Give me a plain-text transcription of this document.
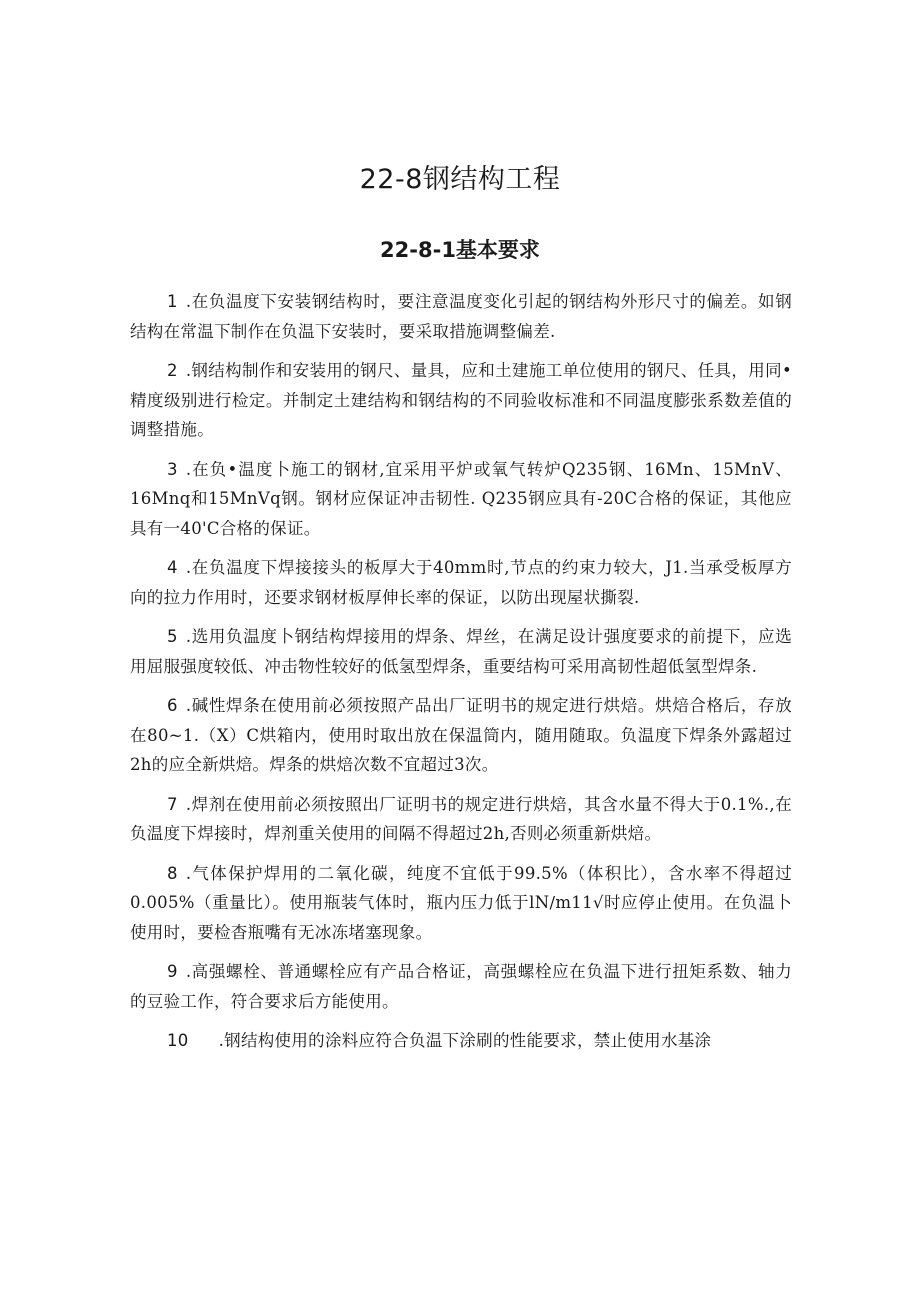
22-8钢结构工程
22-8-1基本要求

1 .在负温度下安装钢结构时，要注意温度变化引起的钢结构外形尺寸的偏差。如钢结构在常温下制作在负温下安装时，要采取措施调整偏差.

2 .钢结构制作和安装用的钢尺、量具，应和土建施工单位使用的钢尺、任具，用同•精度级别进行检定。并制定土建结构和钢结构的不同验收标准和不同温度膨张系数差值的调整措施。

3 .在负•温度卜施工的钢材,宜采用平炉或氧气转炉Q235钢、16Mn、15MnV、16Mnq和15MnVq钢。钢材应保证冲击韧性. Q235钢应具有-20C合格的保证，其他应具有一40'C合格的保证。

4 .在负温度下焊接接头的板厚大于40mm时,节点的约束力较大，J1.当承受板厚方向的拉力作用时，还要求钢材板厚伸长率的保证，以防出现屋状撕裂.

5 .选用负温度卜钢结构焊接用的焊条、焊丝，在满足设计强度要求的前提下，应选用屈服强度较低、冲击物性较好的低氢型焊条，重要结构可采用高韧性超低氢型焊条.

6 .碱性焊条在使用前必须按照产品出厂证明书的规定进行烘焙。烘焙合格后，存放在80~1.（X）C烘箱内，使用时取出放在保温筒内，随用随取。负温度下焊条外露超过2h的应全新烘焙。焊条的烘焙次数不宜超过3次。

7 .焊剂在使用前必须按照出厂证明书的规定进行烘焙，其含水量不得大于0.1%.,在负温度下焊接时，焊剂重关使用的间隔不得超过2h,否则必须重新烘焙。

8 .气体保护焊用的二氧化碳，纯度不宜低于99.5%（体积比），含水率不得超过0.005%（重量比）。使用瓶装气体时，瓶内压力低于lN∕m11√时应停止使用。在负温卜使用时，要检杳瓶嘴有无冰冻堵塞现象。

9 .高强螺栓、普通螺栓应有产品合格证，高强螺栓应在负温下进行扭矩系数、轴力的豆验工作，符合要求后方能使用。

10 .钢结构使用的涂料应符合负温下涂刷的性能要求，禁止使用水基涂
